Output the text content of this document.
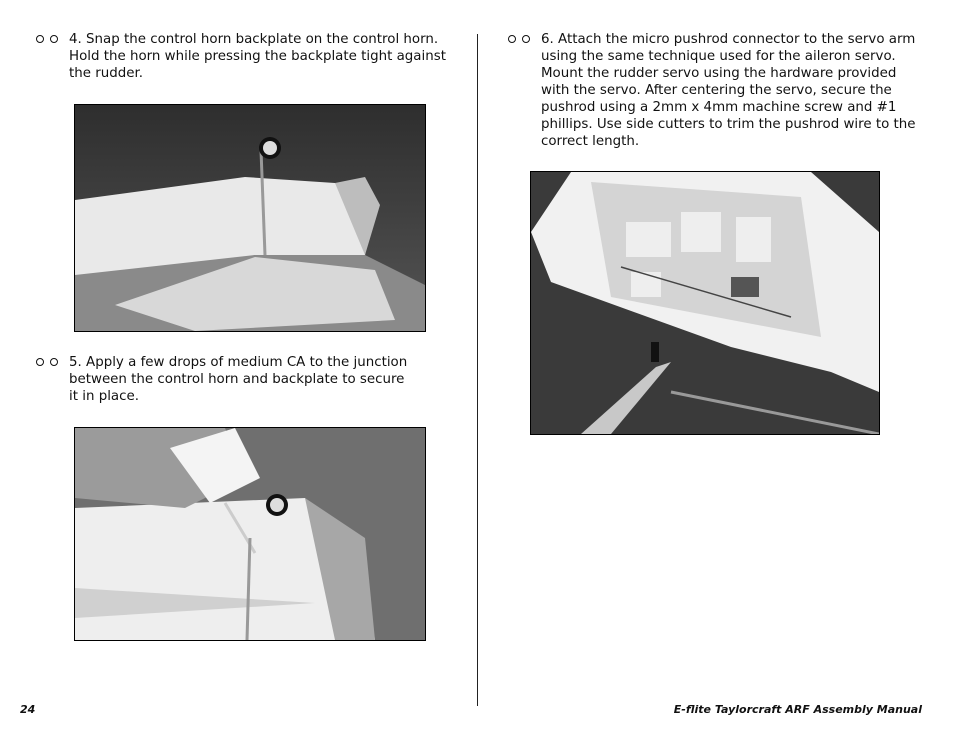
4. Snap the control horn backplate on the control horn.
Hold the horn while pressing the backplate tight against
the rudder.
5. Apply a few drops of medium CA to the junction
between the control horn and backplate to secure
it in place.
6. Attach the micro pushrod connector to the servo arm
using the same technique used for the aileron servo.
Mount the rudder servo using the hardware provided
with the servo. After centering the servo, secure the
pushrod using a 2mm x 4mm machine screw and #1
phillips. Use side cutters to trim the pushrod wire to the
correct length.
24	E-flite Taylorcraft ARF Assembly Manual
